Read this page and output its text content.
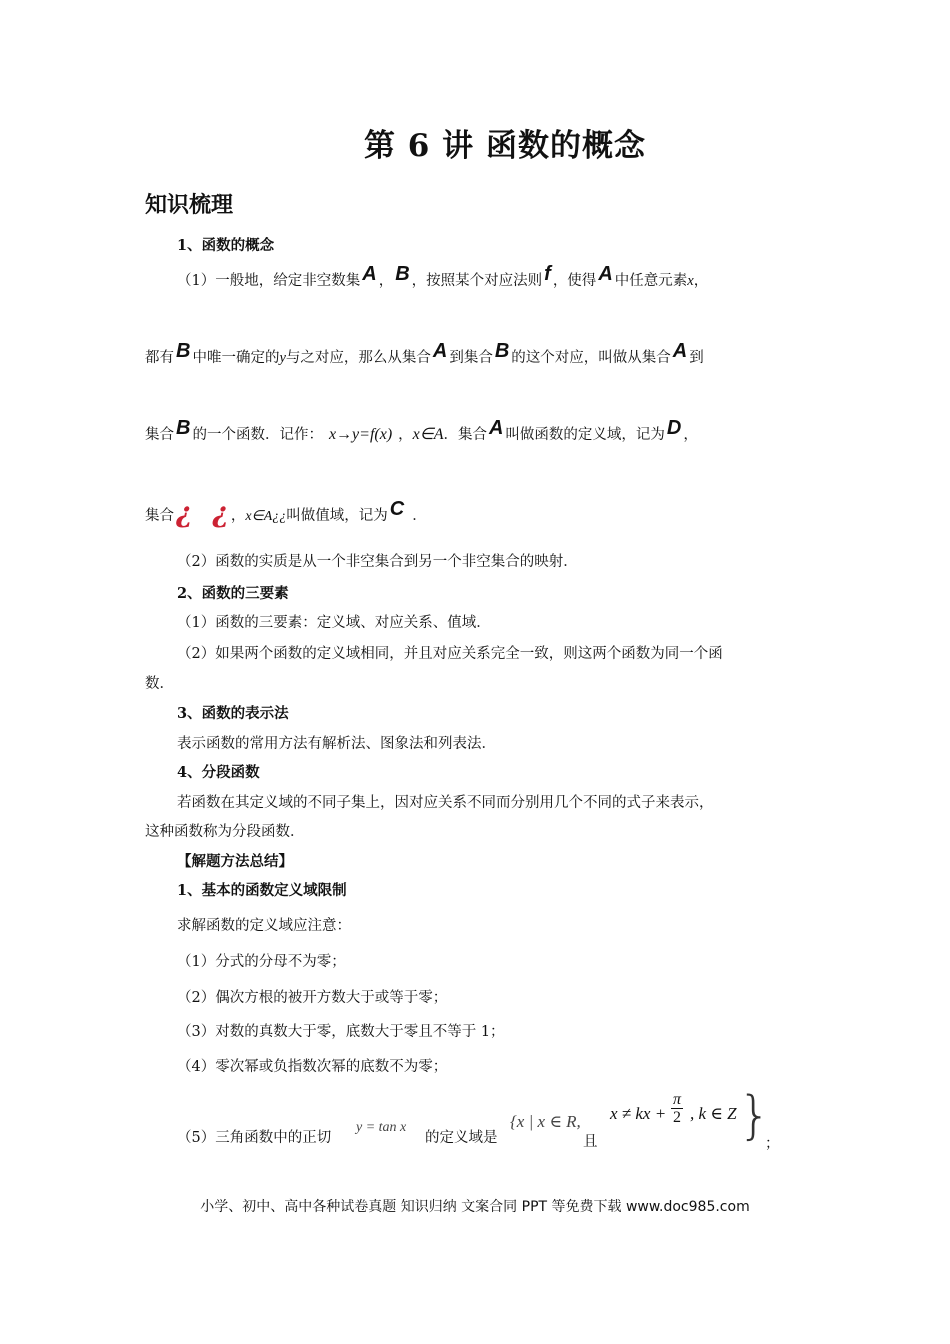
第 6 讲 函数的概念
知识梳理
1、函数的概念
（1）一般地，给定非空数集 A ， B ，按照某个对应法则 f ，使得 A 中任意元素x，
都有 B 中唯一确定的y与之对应，那么从集合 A 到集合 B 的这个对应，叫做从集合 A 到
集合 B 的一个函数．记作： x→y=f(x) ，x∈A．集合 A 叫做函数的定义域，记为 D ，
集合¿ ¿ ，x∈A¿¿叫做值域，记为 C ．
（2）函数的实质是从一个非空集合到另一个非空集合的映射．
2、函数的三要素
（1）函数的三要素：定义域、对应关系、值域．
（2）如果两个函数的定义域相同，并且对应关系完全一致，则这两个函数为同一个函
数．
3、函数的表示法
表示函数的常用方法有解析法、图象法和列表法．
4、分段函数
若函数在其定义域的不同子集上，因对应关系不同而分别用几个不同的式子来表示，
这种函数称为分段函数．
【解题方法总结】
1、基本的函数定义域限制
求解函数的定义域应注意：
（1）分式的分母不为零；
（2）偶次方根的被开方数大于或等于零；
（3）对数的真数大于零，底数大于零且不等于 1；
（4）零次幂或负指数次幂的底数不为零；
（5）三角函数中的正切
y = tan x
的定义域是
{x | x ∈ R,
且
x ≠ kx + $\frac{\pi}{2}$ , k ∈ Z }
；
小学、初中、高中各种试卷真题 知识归纳 文案合同 PPT 等免费下载 www.doc985.com
